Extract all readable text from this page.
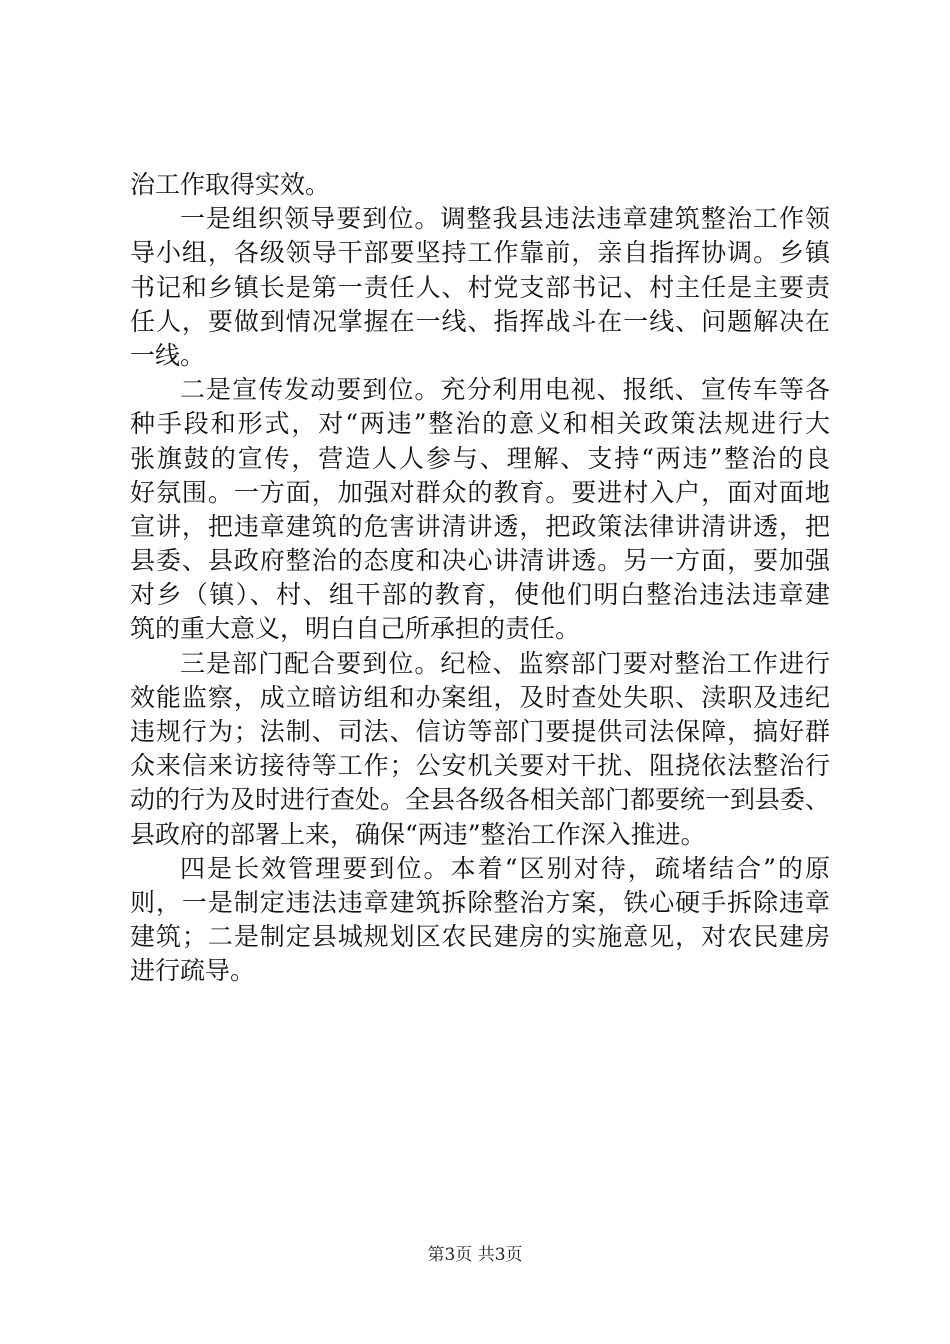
治工作取得实效。
一是组织领导要到位。调整我县违法违章建筑整治工作领
导小组，各级领导干部要坚持工作靠前，亲自指挥协调。乡镇
书记和乡镇长是第一责任人、村党支部书记、村主任是主要责
任人，要做到情况掌握在一线、指挥战斗在一线、问题解决在
一线。
二是宣传发动要到位。充分利用电视、报纸、宣传车等各
种手段和形式，对“两违”整治的意义和相关政策法规进行大
张旗鼓的宣传，营造人人参与、理解、支持“两违”整治的良
好氛围。一方面，加强对群众的教育。要进村入户，面对面地
宣讲，把违章建筑的危害讲清讲透，把政策法律讲清讲透，把
县委、县政府整治的态度和决心讲清讲透。另一方面，要加强
对乡（镇）、村、组干部的教育，使他们明白整治违法违章建
筑的重大意义，明白自己所承担的责任。
三是部门配合要到位。纪检、监察部门要对整治工作进行
效能监察，成立暗访组和办案组，及时查处失职、渎职及违纪
违规行为；法制、司法、信访等部门要提供司法保障，搞好群
众来信来访接待等工作；公安机关要对干扰、阻挠依法整治行
动的行为及时进行查处。全县各级各相关部门都要统一到县委、
县政府的部署上来，确保“两违”整治工作深入推进。
四是长效管理要到位。本着“区别对待，疏堵结合”的原
则，一是制定违法违章建筑拆除整治方案，铁心硬手拆除违章
建筑；二是制定县城规划区农民建房的实施意见，对农民建房
进行疏导。
第3页 共3页
